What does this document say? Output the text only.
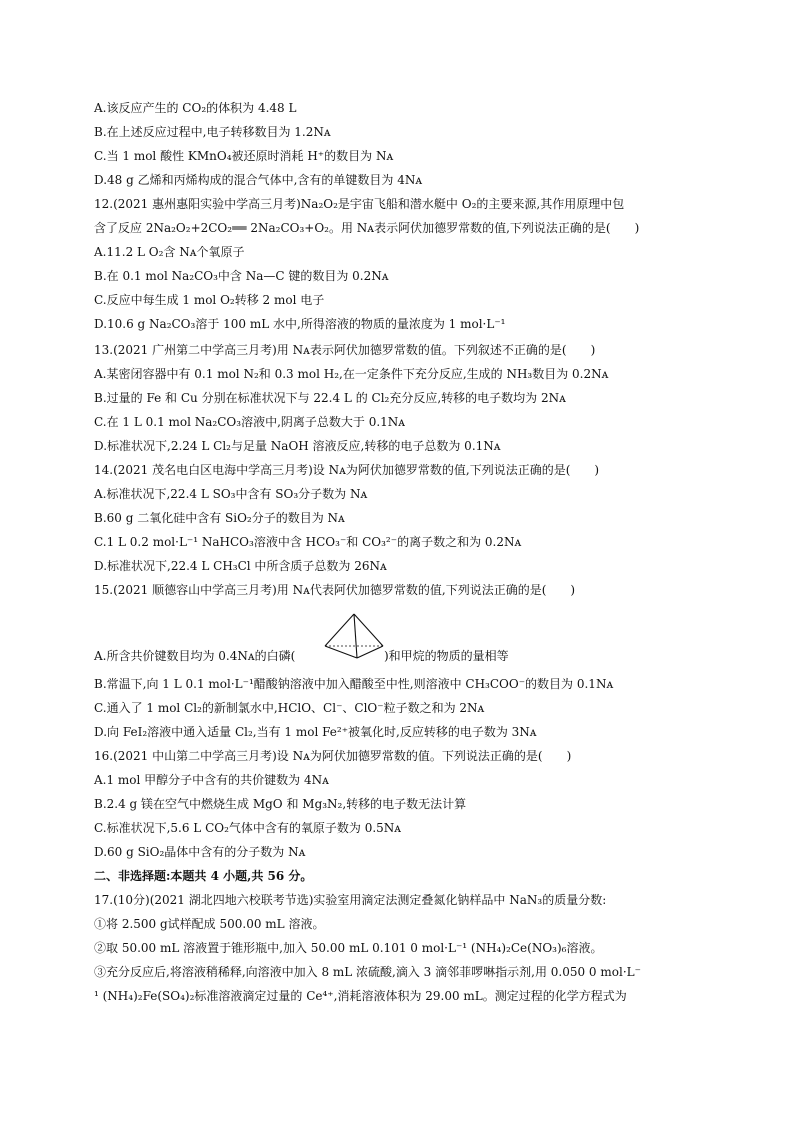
A.该反应产生的 CO₂的体积为 4.48 L
B.在上述反应过程中,电子转移数目为 1.2Nᴀ
C.当 1 mol 酸性 KMnO₄被还原时消耗 H⁺的数目为 Nᴀ
D.48 g 乙烯和丙烯构成的混合气体中,含有的单键数目为 4Nᴀ
12.(2021 惠州惠阳实验中学高三月考)Na₂O₂是宇宙飞船和潜水艇中 O₂的主要来源,其作用原理中包
含了反应 2Na₂O₂+2CO₂══ 2Na₂CO₃+O₂。用 Nᴀ表示阿伏加德罗常数的值,下列说法正确的是(　　)
A.11.2 L O₂含 Nᴀ个氧原子
B.在 0.1 mol Na₂CO₃中含 Na—C 键的数目为 0.2Nᴀ
C.反应中每生成 1 mol O₂转移 2 mol 电子
D.10.6 g Na₂CO₃溶于 100 mL 水中,所得溶液的物质的量浓度为 1 mol·L⁻¹
13.(2021 广州第二中学高三月考)用 Nᴀ表示阿伏加德罗常数的值。下列叙述不正确的是(　　)
A.某密闭容器中有 0.1 mol N₂和 0.3 mol H₂,在一定条件下充分反应,生成的 NH₃数目为 0.2Nᴀ
B.过量的 Fe 和 Cu 分别在标准状况下与 22.4 L 的 Cl₂充分反应,转移的电子数均为 2Nᴀ
C.在 1 L 0.1 mol Na₂CO₃溶液中,阴离子总数大于 0.1Nᴀ
D.标准状况下,2.24 L Cl₂与足量 NaOH 溶液反应,转移的电子总数为 0.1Nᴀ
14.(2021 茂名电白区电海中学高三月考)设 Nᴀ为阿伏加德罗常数的值,下列说法正确的是(　　)
A.标准状况下,22.4 L SO₃中含有 SO₃分子数为 Nᴀ
B.60 g 二氧化硅中含有 SiO₂分子的数目为 Nᴀ
C.1 L 0.2 mol·L⁻¹ NaHCO₃溶液中含 HCO₃⁻和 CO₃²⁻的离子数之和为 0.2Nᴀ
D.标准状况下,22.4 L CH₃Cl 中所含质子总数为 26Nᴀ
15.(2021 顺德容山中学高三月考)用 Nᴀ代表阿伏加德罗常数的值,下列说法正确的是(　　)
A.所含共价键数目均为 0.4Nᴀ的白磷(	)和甲烷的物质的量相等
B.常温下,向 1 L 0.1 mol·L⁻¹醋酸钠溶液中加入醋酸至中性,则溶液中 CH₃COO⁻的数目为 0.1Nᴀ
C.通入了 1 mol Cl₂的新制氯水中,HClO、Cl⁻、ClO⁻粒子数之和为 2Nᴀ
D.向 FeI₂溶液中通入适量 Cl₂,当有 1 mol Fe²⁺被氧化时,反应转移的电子数为 3Nᴀ
16.(2021 中山第二中学高三月考)设 Nᴀ为阿伏加德罗常数的值。下列说法正确的是(　　)
A.1 mol 甲醇分子中含有的共价键数为 4Nᴀ
B.2.4 g 镁在空气中燃烧生成 MgO 和 Mg₃N₂,转移的电子数无法计算
C.标准状况下,5.6 L CO₂气体中含有的氧原子数为 0.5Nᴀ
D.60 g SiO₂晶体中含有的分子数为 Nᴀ
二、非选择题:本题共 4 小题,共 56 分。
17.(10分)(2021 湖北四地六校联考节选)实验室用滴定法测定叠氮化钠样品中 NaN₃的质量分数:
①将 2.500 g试样配成 500.00 mL 溶液。
②取 50.00 mL 溶液置于锥形瓶中,加入 50.00 mL 0.101 0 mol·L⁻¹ (NH₄)₂Ce(NO₃)₆溶液。
③充分反应后,将溶液稍稀释,向溶液中加入 8 mL 浓硫酸,滴入 3 滴邻菲啰啉指示剂,用 0.050 0 mol·L⁻
¹ (NH₄)₂Fe(SO₄)₂标准溶液滴定过量的 Ce⁴⁺,消耗溶液体积为 29.00 mL。测定过程的化学方程式为
